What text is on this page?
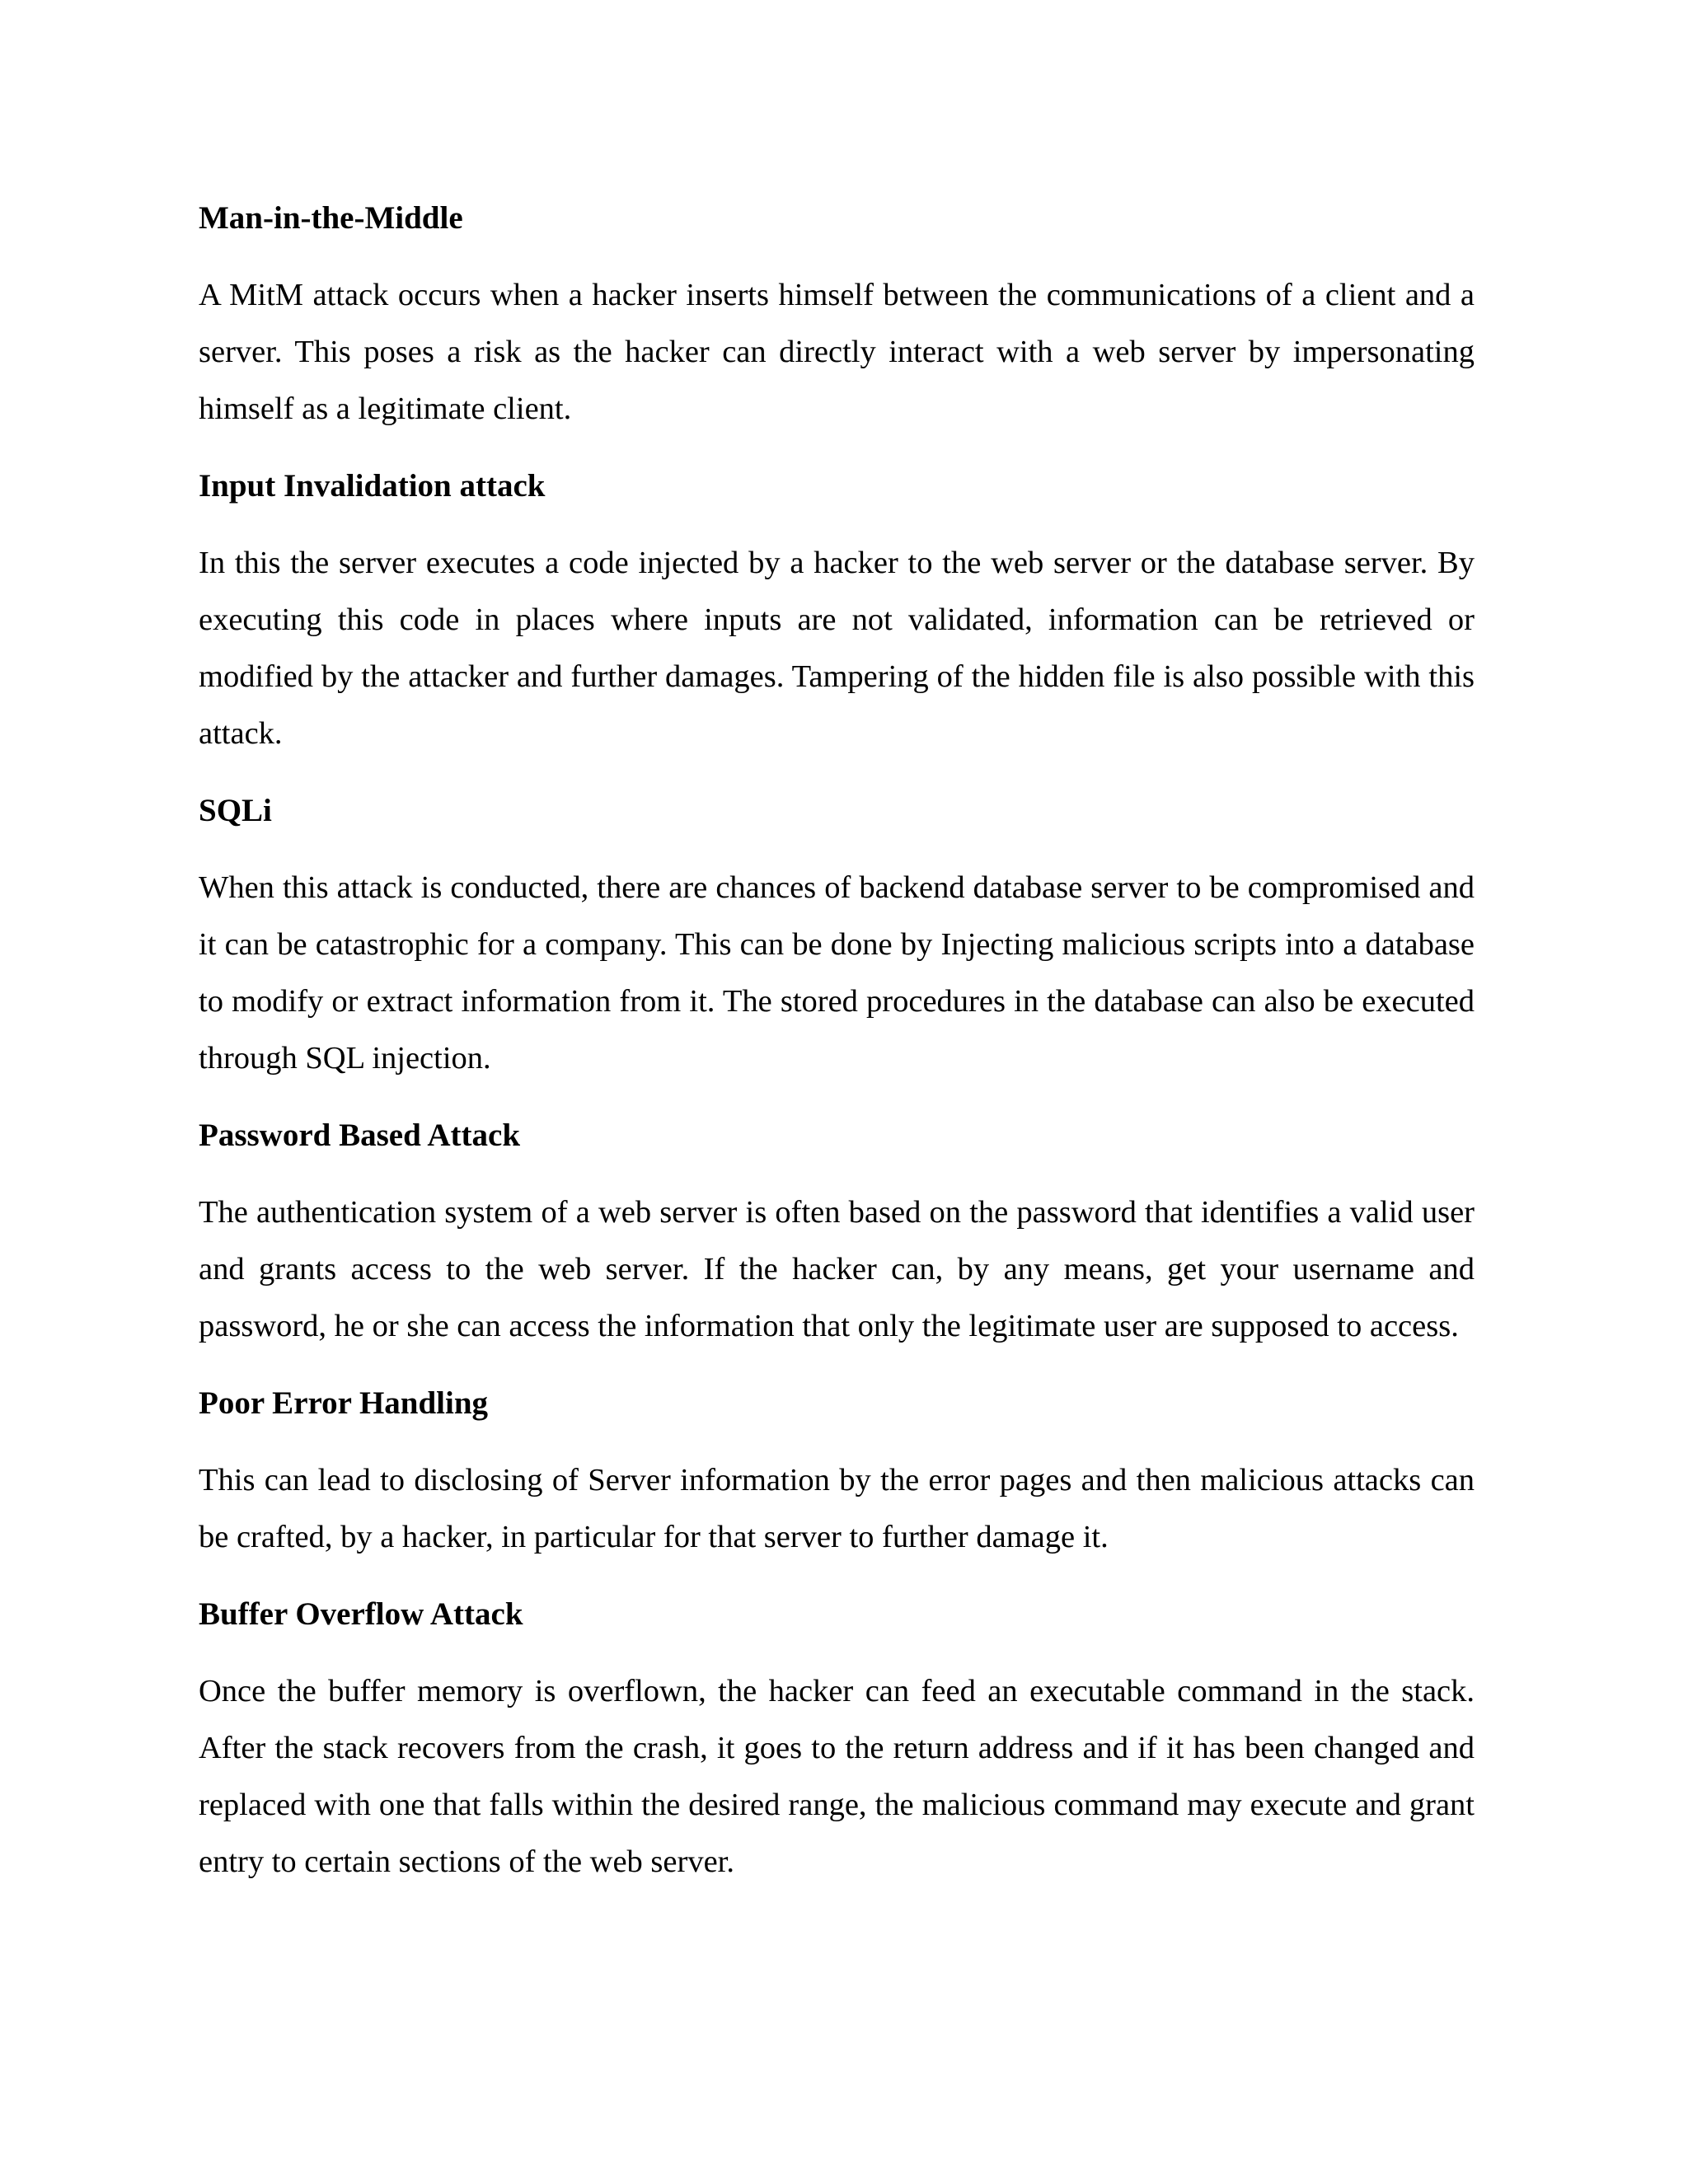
Man-in-the-Middle

A MitM attack occurs when a hacker inserts himself between the communications of a client and a server. This poses a risk as the hacker can directly interact with a web server by impersonating himself as a legitimate client.

Input Invalidation attack

In this the server executes a code injected by a hacker to the web server or the database server. By executing this code in places where inputs are not validated, information can be retrieved or modified by the attacker and further damages. Tampering of the hidden file is also possible with this attack.

SQLi

When this attack is conducted, there are chances of backend database server to be compromised and it can be catastrophic for a company. This can be done by Injecting malicious scripts into a database to modify or extract information from it. The stored procedures in the database can also be executed through SQL injection.

Password Based Attack

The authentication system of a web server is often based on the password that identifies a valid user and grants access to the web server. If the hacker can, by any means, get your username and password, he or she can access the information that only the legitimate user are supposed to access.

Poor Error Handling

This can lead to disclosing of Server information by the error pages and then malicious attacks can be crafted, by a hacker, in particular for that server to further damage it.

Buffer Overflow Attack

Once the buffer memory is overflown, the hacker can feed an executable command in the stack. After the stack recovers from the crash, it goes to the return address and if it has been changed and replaced with one that falls within the desired range, the malicious command may execute and grant entry to certain sections of the web server.
